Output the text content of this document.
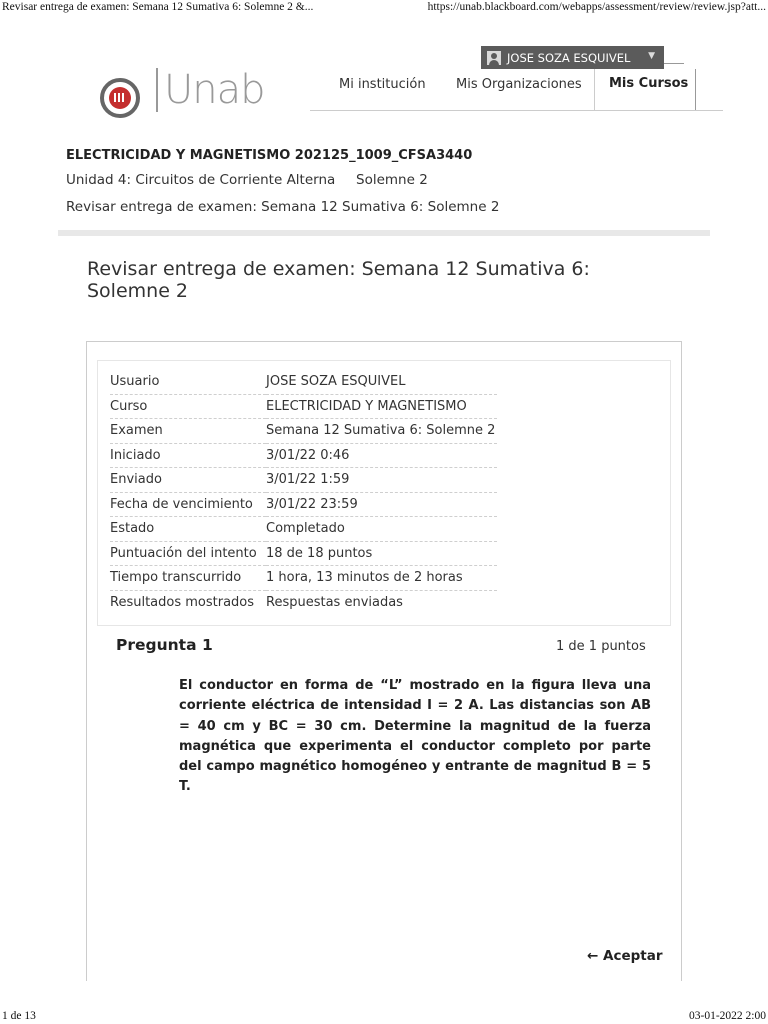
Revisar entrega de examen: Semana 12 Sumativa 6: Solemne 2 &...	https://unab.blackboard.com/webapps/assessment/review/review.jsp?att...
JOSE SOZA ESQUIVEL ▼
Unab	Mi institución Mis Organizaciones Mis Cursos
ELECTRICIDAD Y MAGNETISMO 202125_1009_CFSA3440
Unidad 4: Circuitos de Corriente Alterna Solemne 2
Revisar entrega de examen: Semana 12 Sumativa 6: Solemne 2
Revisar entrega de examen: Semana 12 Sumativa 6: Solemne 2
Usuario	JOSE SOZA ESQUIVEL
Curso	ELECTRICIDAD Y MAGNETISMO
Examen	Semana 12 Sumativa 6: Solemne 2
Iniciado	3/01/22 0:46
Enviado	3/01/22 1:59
Fecha de vencimiento	3/01/22 23:59
Estado	Completado
Puntuación del intento	18 de 18 puntos
Tiempo transcurrido	1 hora, 13 minutos de 2 horas
Resultados mostrados	Respuestas enviadas
Pregunta 1	1 de 1 puntos
El conductor en forma de “L” mostrado en la figura lleva una corriente eléctrica de intensidad I = 2 A. Las distancias son AB = 40 cm y BC = 30 cm. Determine la magnitud de la fuerza magnética que experimenta el conductor completo por parte del campo magnético homogéneo y entrante de magnitud B = 5 T.
← Aceptar
1 de 13	03-01-2022 2:00
